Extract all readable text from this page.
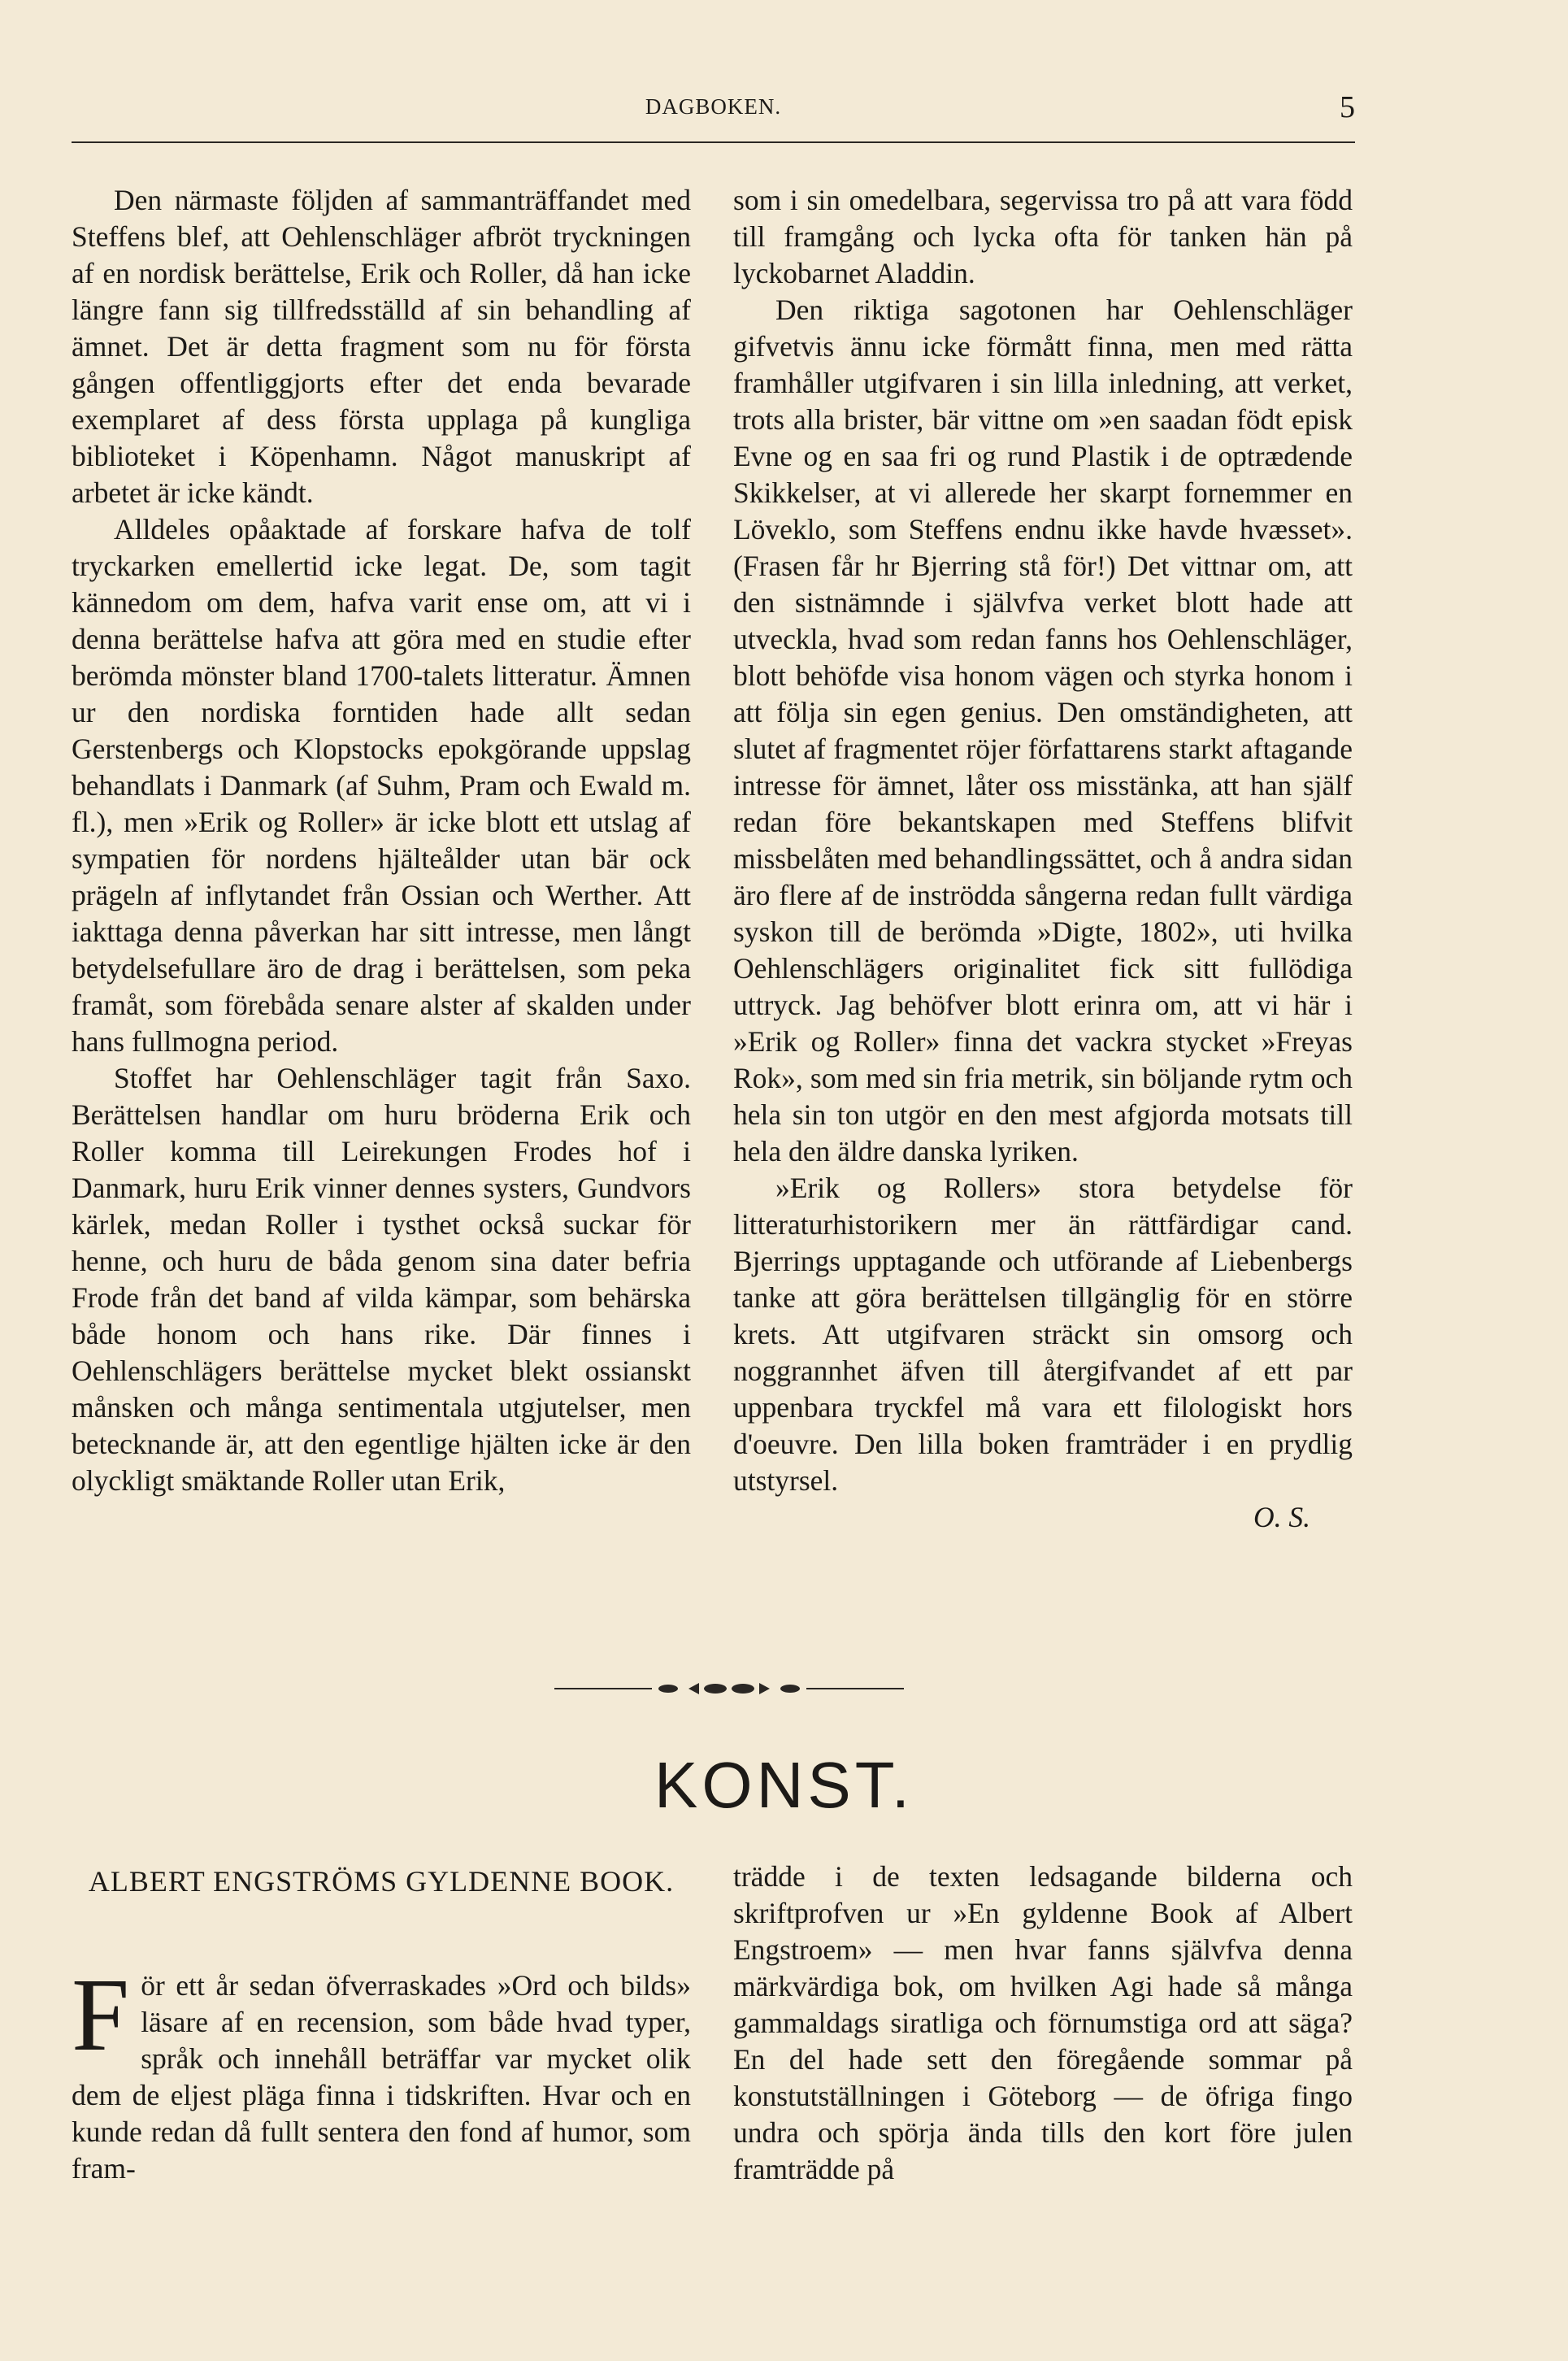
DAGBOKEN.	5

Den närmaste följden af sammanträffandet med Steffens blef, att Oehlenschläger afbröt tryckningen af en nordisk berättelse, Erik och Roller, då han icke längre fann sig tillfredsställd af sin behandling af ämnet. Det är detta fragment som nu för första gången offentliggjorts efter det enda bevarade exemplaret af dess första upplaga på kungliga biblioteket i Köpenhamn. Något manuskript af arbetet är icke kändt.

Alldeles opåaktade af forskare hafva de tolf tryckarken emellertid icke legat. De, som tagit kännedom om dem, hafva varit ense om, att vi i denna berättelse hafva att göra med en studie efter berömda mönster bland 1700-talets litteratur. Ämnen ur den nordiska forntiden hade allt sedan Gerstenbergs och Klopstocks epokgörande uppslag behandlats i Danmark (af Suhm, Pram och Ewald m. fl.), men »Erik og Roller» är icke blott ett utslag af sympatien för nordens hjälteålder utan bär ock prägeln af inflytandet från Ossian och Werther. Att iakttaga denna påverkan har sitt intresse, men långt betydelsefullare äro de drag i berättelsen, som peka framåt, som förebåda senare alster af skalden under hans fullmogna period.

Stoffet har Oehlenschläger tagit från Saxo. Berättelsen handlar om huru bröderna Erik och Roller komma till Leirekungen Frodes hof i Danmark, huru Erik vinner dennes systers, Gundvors kärlek, medan Roller i tysthet också suckar för henne, och huru de båda genom sina dater befria Frode från det band af vilda kämpar, som behärska både honom och hans rike. Där finnes i Oehlenschlägers berättelse mycket blekt ossianskt månsken och många sentimentala utgjutelser, men betecknande är, att den egentlige hjälten icke är den olyckligt smäktande Roller utan Erik,

som i sin omedelbara, segervissa tro på att vara född till framgång och lycka ofta för tanken hän på lyckobarnet Aladdin.

Den riktiga sagotonen har Oehlenschläger gifvetvis ännu icke förmått finna, men med rätta framhåller utgifvaren i sin lilla inledning, att verket, trots alla brister, bär vittne om »en saadan födt episk Evne og en saa fri og rund Plastik i de optrædende Skikkelser, at vi allerede her skarpt fornemmer en Löveklo, som Steffens endnu ikke havde hvæsset». (Frasen får hr Bjerring stå för!) Det vittnar om, att den sistnämnde i självfva verket blott hade att utveckla, hvad som redan fanns hos Oehlenschläger, blott behöfde visa honom vägen och styrka honom i att följa sin egen genius. Den omständigheten, att slutet af fragmentet röjer författarens starkt aftagande intresse för ämnet, låter oss misstänka, att han själf redan före bekantskapen med Steffens blifvit missbelåten med behandlingssättet, och å andra sidan äro flere af de inströdda sångerna redan fullt värdiga syskon till de berömda »Digte, 1802», uti hvilka Oehlenschlägers originalitet fick sitt fullödiga uttryck. Jag behöfver blott erinra om, att vi här i »Erik og Roller» finna det vackra stycket »Freyas Rok», som med sin fria metrik, sin böljande rytm och hela sin ton utgör en den mest afgjorda motsats till hela den äldre danska lyriken.

»Erik og Rollers» stora betydelse för litteraturhistorikern mer än rättfärdigar cand. Bjerrings upptagande och utförande af Liebenbergs tanke att göra berättelsen tillgänglig för en större krets. Att utgifvaren sträckt sin omsorg och noggrannhet äfven till återgifvandet af ett par uppenbara tryckfel må vara ett filologiskt hors d'oeuvre. Den lilla boken framträder i en prydlig utstyrsel.

O. S.

KONST.
ALBERT ENGSTRÖMS GYLDENNE BOOK.

För ett år sedan öfverraskades »Ord och bilds» läsare af en recension, som både hvad typer, språk och innehåll beträffar var mycket olik dem de eljest pläga finna i tidskriften. Hvar och en kunde redan då fullt sentera den fond af humor, som fram-

trädde i de texten ledsagande bilderna och skriftprofven ur »En gyldenne Book af Albert Engstroem» — men hvar fanns självfva denna märkvärdiga bok, om hvilken Agi hade så många gammaldags siratliga och förnumstiga ord att säga? En del hade sett den föregående sommar på konstutställningen i Göteborg — de öfriga fingo undra och spörja ända tills den kort före julen framträdde på
